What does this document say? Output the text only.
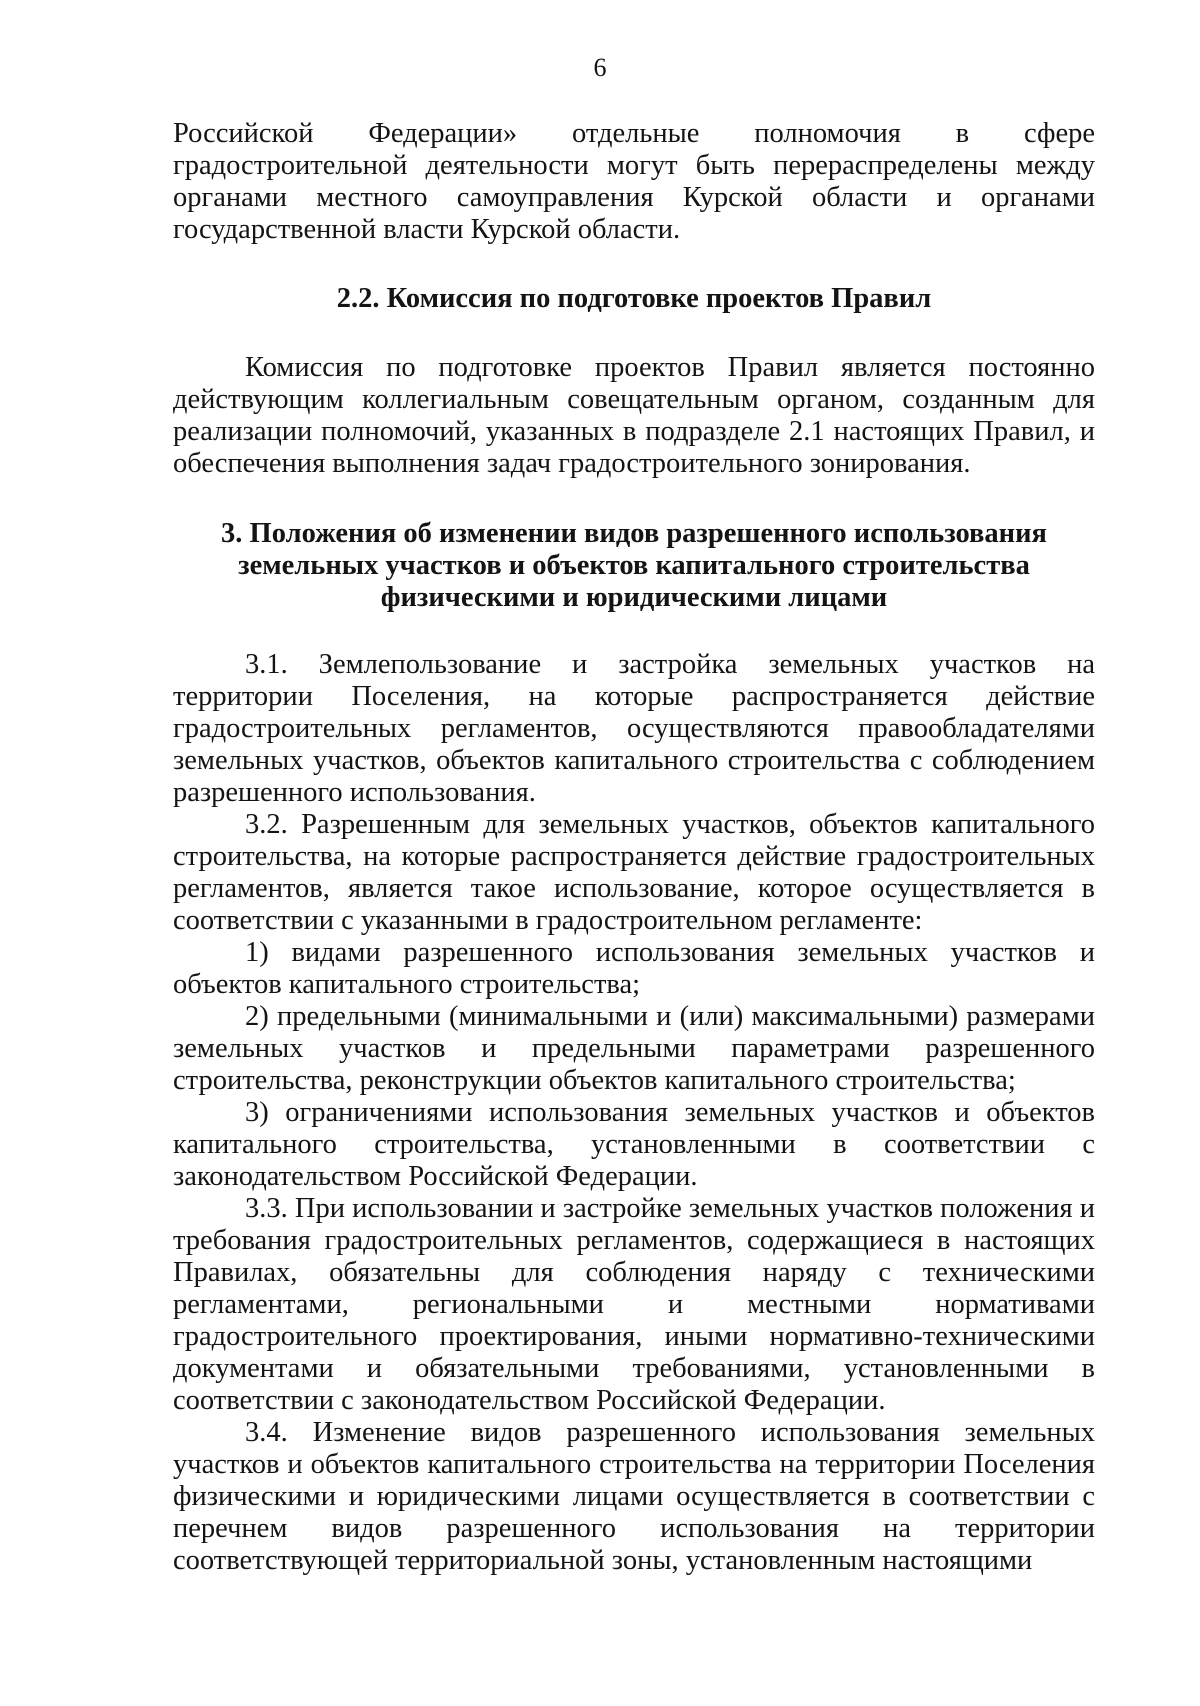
6

Российской Федерации» отдельные полномочия в сфере градостроительной деятельности могут быть перераспределены между органами местного самоуправления Курской области и органами государственной власти Курской области.

2.2. Комиссия по подготовке проектов Правил

Комиссия по подготовке проектов Правил является постоянно действующим коллегиальным совещательным органом, созданным для реализации полномочий, указанных в подразделе 2.1 настоящих Правил, и обеспечения выполнения задач градостроительного зонирования.

3. Положения об изменении видов разрешенного использования
земельных участков и объектов капитального строительства
физическими и юридическими лицами

3.1. Землепользование и застройка земельных участков на территории Поселения, на которые распространяется действие градостроительных регламентов, осуществляются правообладателями земельных участков, объектов капитального строительства с соблюдением разрешенного использования.

3.2. Разрешенным для земельных участков, объектов капитального строительства, на которые распространяется действие градостроительных регламентов, является такое использование, которое осуществляется в соответствии с указанными в градостроительном регламенте:

1) видами разрешенного использования земельных участков и объектов капитального строительства;

2) предельными (минимальными и (или) максимальными) размерами земельных участков и предельными параметрами разрешенного строительства, реконструкции объектов капитального строительства;

3) ограничениями использования земельных участков и объектов капитального строительства, установленными в соответствии с законодательством Российской Федерации.

3.3. При использовании и застройке земельных участков положения и требования градостроительных регламентов, содержащиеся в настоящих Правилах, обязательны для соблюдения наряду с техническими регламентами, региональными и местными нормативами градостроительного проектирования, иными нормативно-техническими документами и обязательными требованиями, установленными в соответствии с законодательством Российской Федерации.

3.4. Изменение видов разрешенного использования земельных участков и объектов капитального строительства на территории Поселения физическими и юридическими лицами осуществляется в соответствии с перечнем видов разрешенного использования на территории соответствующей территориальной зоны, установленным настоящими
